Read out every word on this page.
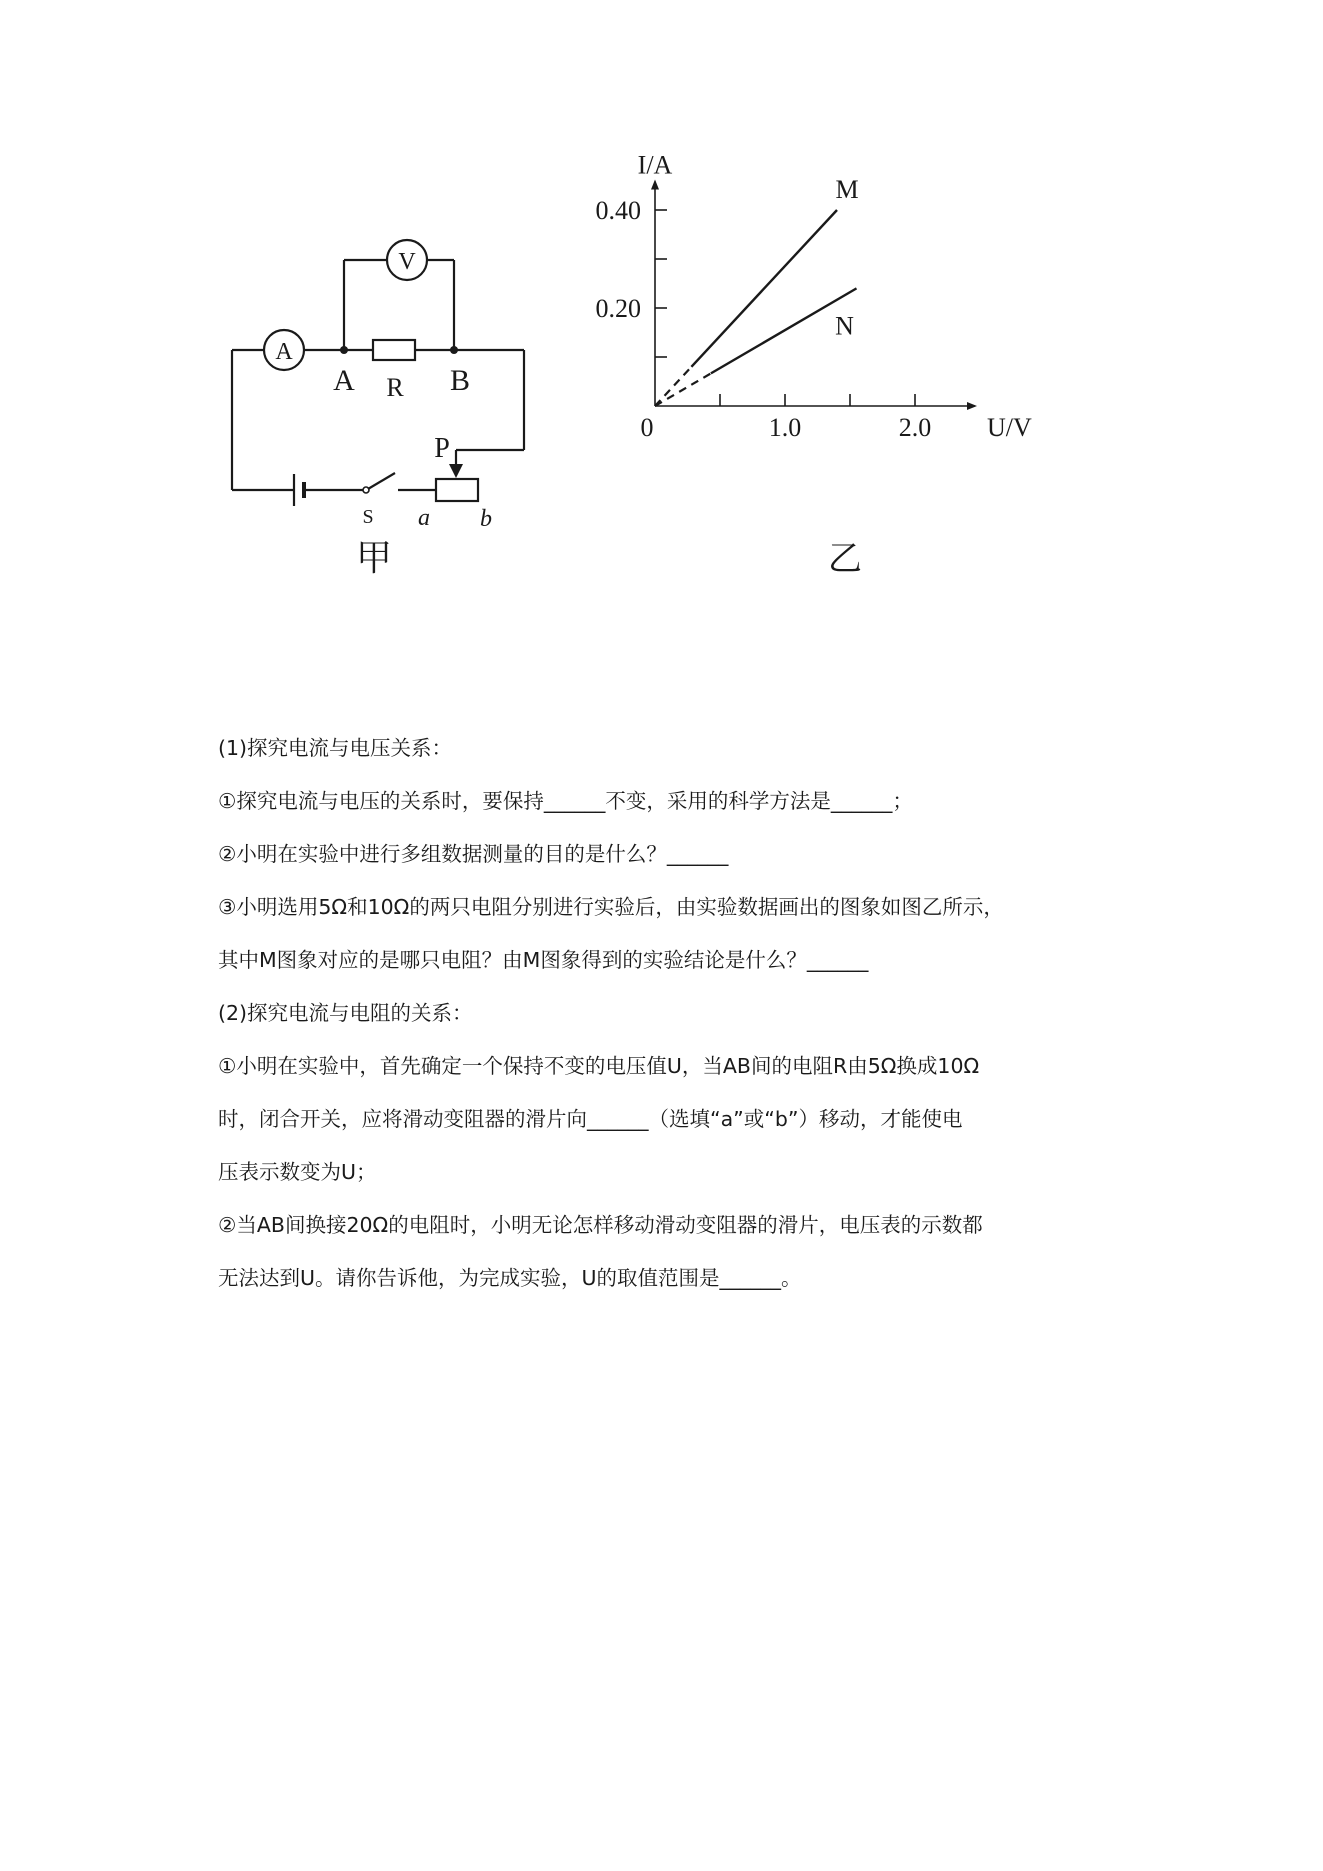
A
V
A R B
P
S a b
甲
I/A
U/V
0	1.0	2.0
0.20
0.40
M
N
乙
(1)探究电流与电压关系：
①探究电流与电压的关系时，要保持______不变，采用的科学方法是______；
②小明在实验中进行多组数据测量的目的是什么？______
③小明选用5Ω和10Ω的两只电阻分别进行实验后，由实验数据画出的图象如图乙所示，
其中M图象对应的是哪只电阻？由M图象得到的实验结论是什么？______
(2)探究电流与电阻的关系：
①小明在实验中，首先确定一个保持不变的电压值U，当AB间的电阻R由5Ω换成10Ω
时，闭合开关，应将滑动变阻器的滑片向______（选填“a”或“b”）移动，才能使电
压表示数变为U；
②当AB间换接20Ω的电阻时，小明无论怎样移动滑动变阻器的滑片，电压表的示数都
无法达到U。请你告诉他，为完成实验，U的取值范围是______。
